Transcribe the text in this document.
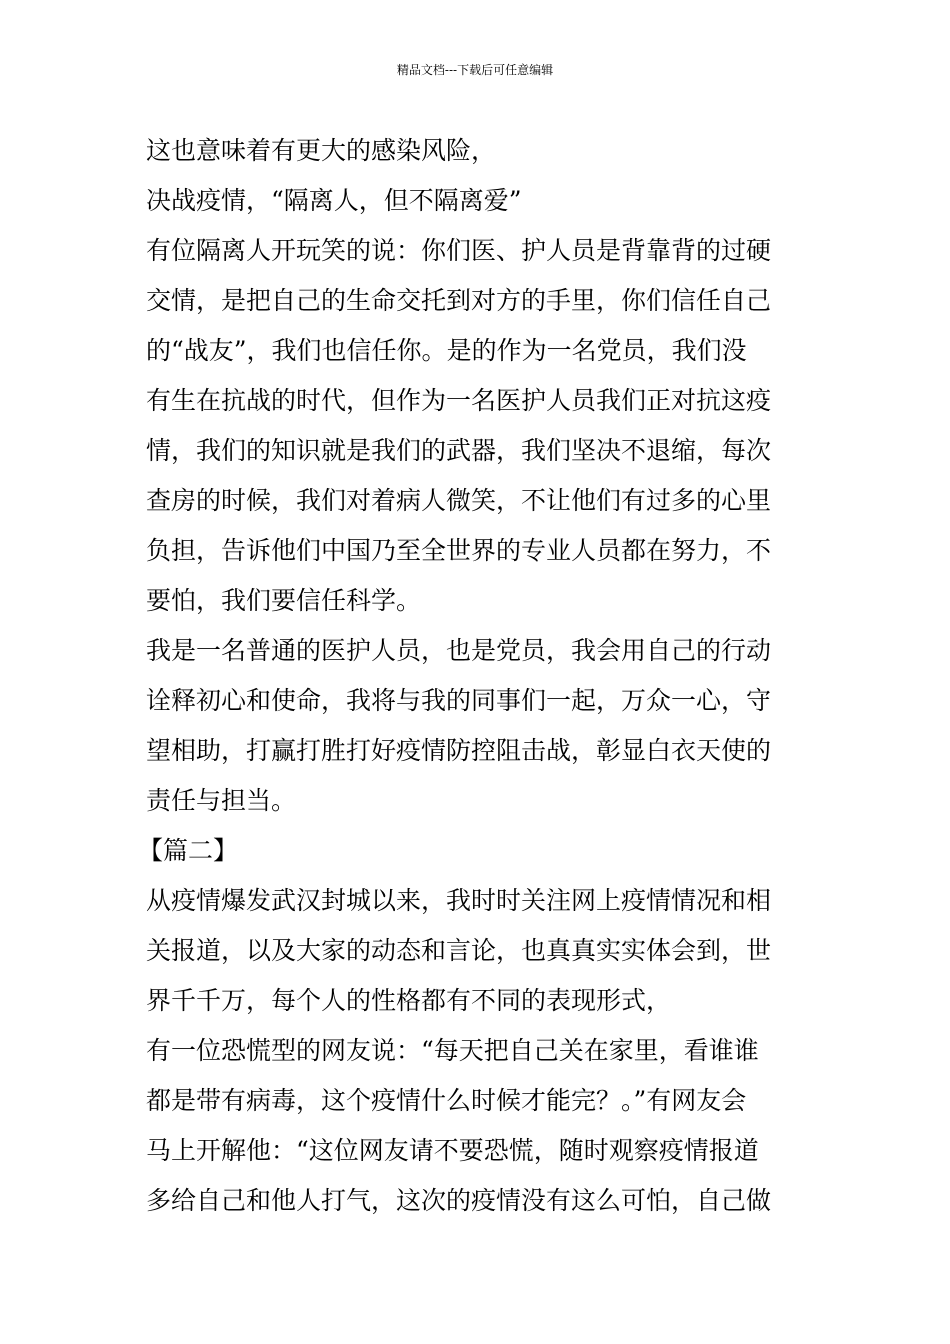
精品文档---下载后可任意编辑
这也意味着有更大的感染风险，
决战疫情，“隔离人，但不隔离爱”
有位隔离人开玩笑的说：你们医、护人员是背靠背的过硬
交情，是把自己的生命交托到对方的手里，你们信任自己
的“战友”，我们也信任你。是的作为一名党员，我们没
有生在抗战的时代，但作为一名医护人员我们正对抗这疫
情，我们的知识就是我们的武器，我们坚决不退缩，每次
查房的时候，我们对着病人微笑，不让他们有过多的心里
负担，告诉他们中国乃至全世界的专业人员都在努力，不
要怕，我们要信任科学。
我是一名普通的医护人员，也是党员，我会用自己的行动
诠释初心和使命，我将与我的同事们一起，万众一心，守
望相助，打赢打胜打好疫情防控阻击战，彰显白衣天使的
责任与担当。
【篇二】
从疫情爆发武汉封城以来，我时时关注网上疫情情况和相
关报道，以及大家的动态和言论，也真真实实体会到，世
界千千万，每个人的性格都有不同的表现形式，
有一位恐慌型的网友说：“每天把自己关在家里，看谁谁
都是带有病毒，这个疫情什么时候才能完？。”有网友会
马上开解他：“这位网友请不要恐慌，随时观察疫情报道
多给自己和他人打气，这次的疫情没有这么可怕，自己做
